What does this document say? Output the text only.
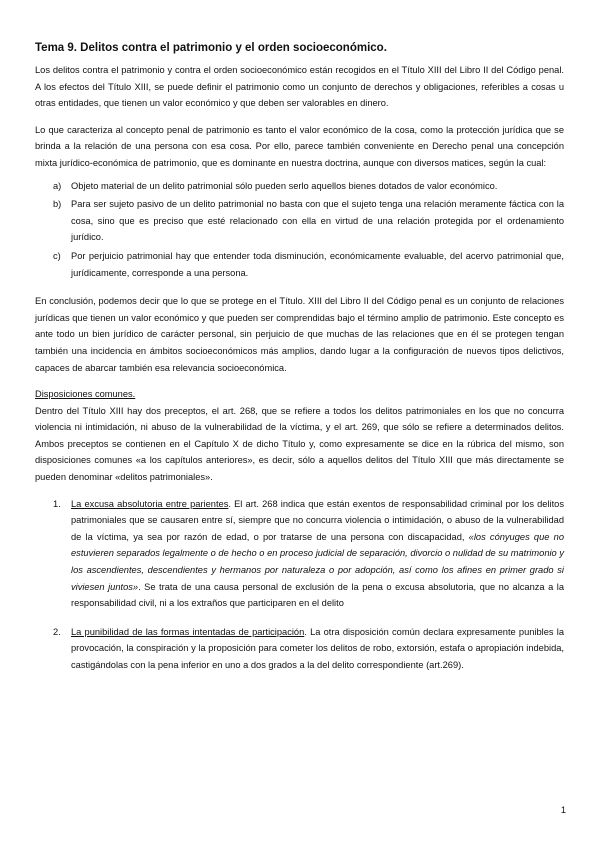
Tema 9. Delitos contra el patrimonio y el orden socioeconómico.

Los delitos contra el patrimonio y contra el orden socioeconómico están recogidos en el Título XIII del Libro II del Código penal. A los efectos del Título XIII, se puede definir el patrimonio como un conjunto de derechos y obligaciones, referibles a cosas u otras entidades, que tienen un valor económico y que deben ser valorables en dinero.

Lo que caracteriza al concepto penal de patrimonio es tanto el valor económico de la cosa, como la protección jurídica que se brinda a la relación de una persona con esa cosa. Por ello, parece también conveniente en Derecho penal una concepción mixta jurídico-económica de patrimonio, que es dominante en nuestra doctrina, aunque con diversos matices, según la cual:

a) Objeto material de un delito patrimonial sólo pueden serlo aquellos bienes dotados de valor económico.
b) Para ser sujeto pasivo de un delito patrimonial no basta con que el sujeto tenga una relación meramente fáctica con la cosa, sino que es preciso que esté relacionado con ella en virtud de una relación protegida por el ordenamiento jurídico.
c) Por perjuicio patrimonial hay que entender toda disminución, económicamente evaluable, del acervo patrimonial que, jurídicamente, corresponde a una persona.

En conclusión, podemos decir que lo que se protege en el Título. XIII del Libro II del Código penal es un conjunto de relaciones jurídicas que tienen un valor económico y que pueden ser comprendidas bajo el término amplio de patrimonio. Este concepto es ante todo un bien jurídico de carácter personal, sin perjuicio de que muchas de las relaciones que en él se protegen tengan también una incidencia en ámbitos socioeconómicos más amplios, dando lugar a la configuración de nuevos tipos delictivos, capaces de abarcar también esa relevancia socioeconómica.

Disposiciones comunes.

Dentro del Título XIII hay dos preceptos, el art. 268, que se refiere a todos los delitos patrimoniales en los que no concurra violencia ni intimidación, ni abuso de la vulnerabilidad de la víctima, y el art. 269, que sólo se refiere a determinados delitos. Ambos preceptos se contienen en el Capítulo X de dicho Título y, como expresamente se dice en la rúbrica del mismo, son disposiciones comunes «a los capítulos anteriores», es decir, sólo a aquellos delitos del Título XIII que más directamente se pueden denominar «delitos patrimoniales».

1. La excusa absolutoria entre parientes. El art. 268 indica que están exentos de responsabilidad criminal por los delitos patrimoniales que se causaren entre sí, siempre que no concurra violencia o intimidación, o abuso de la vulnerabilidad de la víctima, ya sea por razón de edad, o por tratarse de una persona con discapacidad, «los cónyuges que no estuvieren separados legalmente o de hecho o en proceso judicial de separación, divorcio o nulidad de su matrimonio y los ascendientes, descendientes y hermanos por naturaleza o por adopción, así como los afines en primer grado si viviesen juntos». Se trata de una causa personal de exclusión de la pena o excusa absolutoria, que no alcanza a la responsabilidad civil, ni a los extraños que participaren en el delito
2. La punibilidad de las formas intentadas de participación. La otra disposición común declara expresamente punibles la provocación, la conspiración y la proposición para cometer los delitos de robo, extorsión, estafa o apropiación indebida, castigándolas con la pena inferior en uno a dos grados a la del delito correspondiente (art.269).
1
